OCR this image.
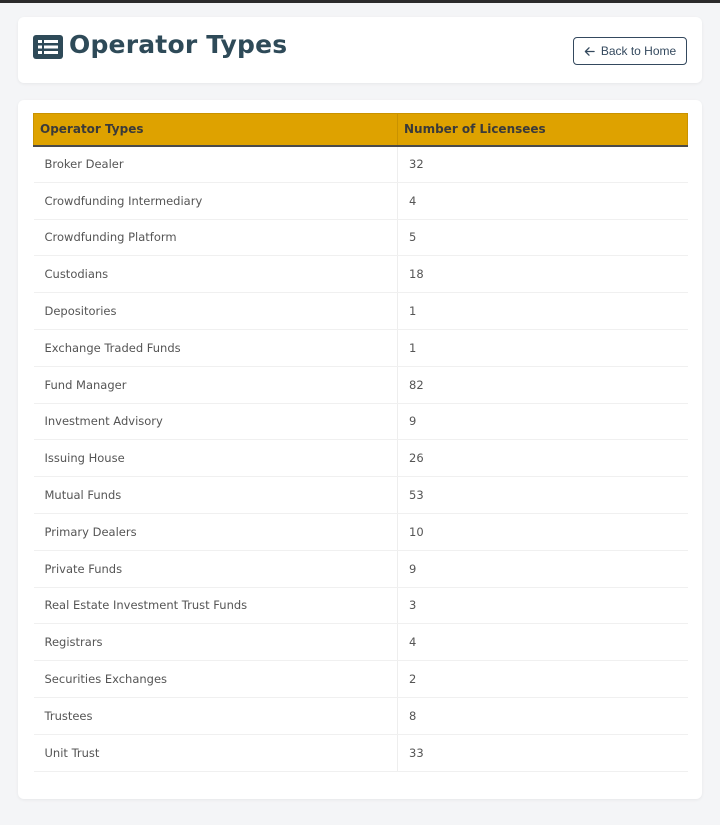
Operator Types	Back to Home
Operator Types	Number of Licensees
Broker Dealer	32
Crowdfunding Intermediary	4
Crowdfunding Platform	5
Custodians	18
Depositories	1
Exchange Traded Funds	1
Fund Manager	82
Investment Advisory	9
Issuing House	26
Mutual Funds	53
Primary Dealers	10
Private Funds	9
Real Estate Investment Trust Funds	3
Registrars	4
Securities Exchanges	2
Trustees	8
Unit Trust	33
